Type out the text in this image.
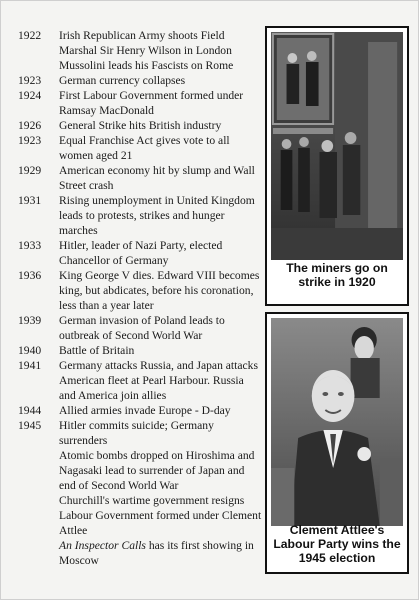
1922	Irish Republican Army shoots Field Marshal Sir Henry Wilson in London
Mussolini leads his Fascists on Rome
1923	German currency collapses
1924	First Labour Government formed under Ramsay MacDonald
1926	General Strike hits British industry
1923	Equal Franchise Act gives vote to all women aged 21
1929	American economy hit by slump and Wall Street crash
1931	Rising unemployment in United Kingdom leads to protests, strikes and hunger marches
1933	Hitler, leader of Nazi Party, elected Chancellor of Germany
1936	King George V dies. Edward VIII becomes king, but abdicates, before his coronation, less than a year later
1939	German invasion of Poland leads to outbreak of Second World War
1940	Battle of Britain
1941	Germany attacks Russia, and Japan attacks American fleet at Pearl Harbour. Russia and America join allies
1944	Allied armies invade Europe - D-day
1945	Hitler commits suicide; Germany surrenders
Atomic bombs dropped on Hiroshima and Nagasaki lead to surrender of Japan and end of Second World War
Churchill's wartime government resigns
Labour Government formed under Clement Attlee
An Inspector Calls has its first showing in Moscow
The miners go on strike in 1920
Clement Attlee's Labour Party wins the 1945 election
